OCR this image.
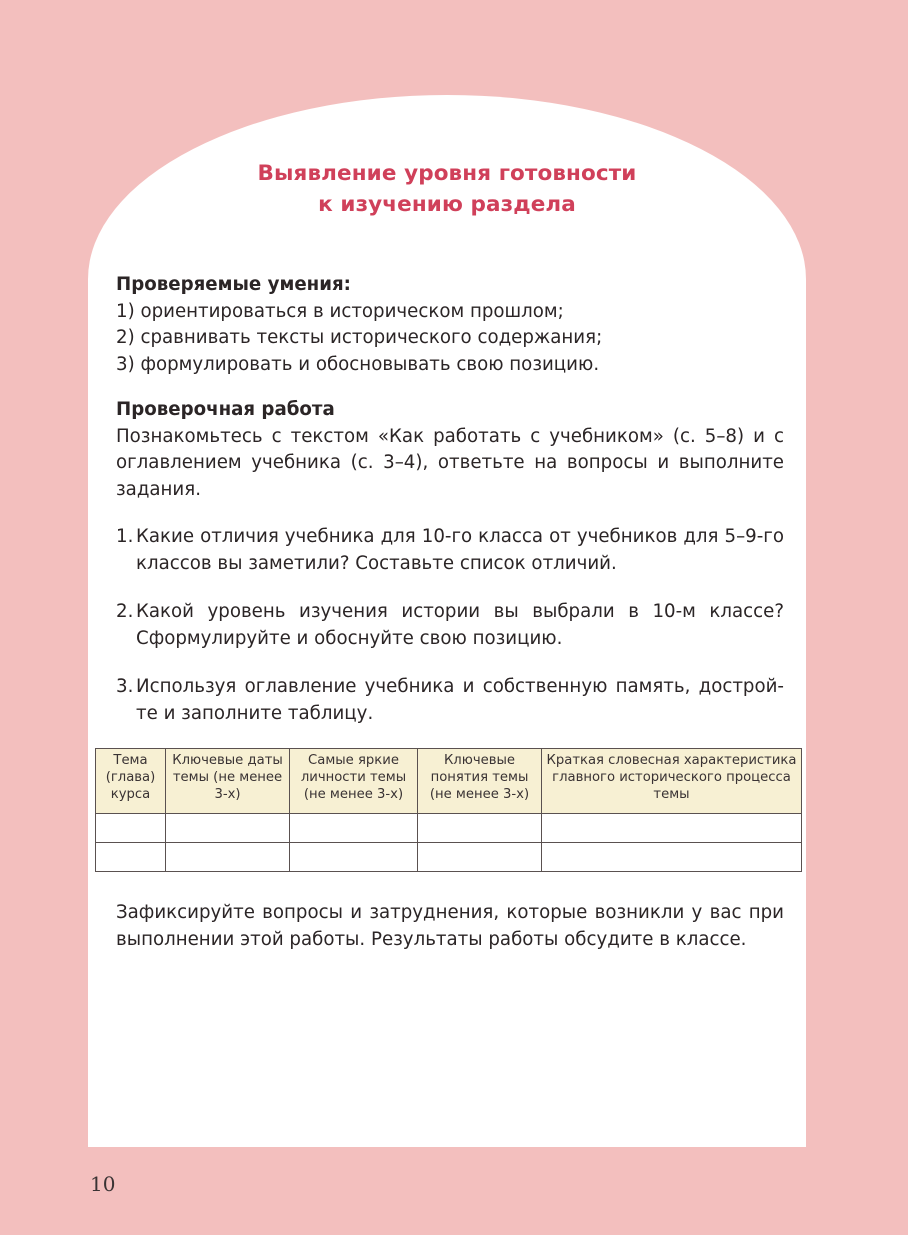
Выявление уровня готовности
к изучению раздела
Проверяемые умения:
1) ориентироваться в историческом прошлом;
2) сравнивать тексты исторического содержания;
3) формулировать и обосновывать свою позицию.
Проверочная работа
Познакомьтесь с текстом «Как работать с учебником» (с. 5–8) и с оглавлением учебника (с. 3–4), ответьте на вопросы и выполните задания.
1. Какие отличия учебника для 10-го класса от учебников для 5–9-го классов вы заметили? Составьте список отличий.
2. Какой уровень изучения истории вы выбрали в 10-м классе? Сформулируйте и обоснуйте свою позицию.
3. Используя оглавление учебника и собственную память, достройте и заполните таблицу.
Тема (глава) курса	Ключевые даты темы (не менее 3-х)	Самые яркие личности темы (не менее 3-х)	Ключевые понятия темы (не менее 3-х)	Краткая словесная характеристика главного исторического процесса темы

Зафиксируйте вопросы и затруднения, которые возникли у вас при выполнении этой работы. Результаты работы обсудите в классе.
10
